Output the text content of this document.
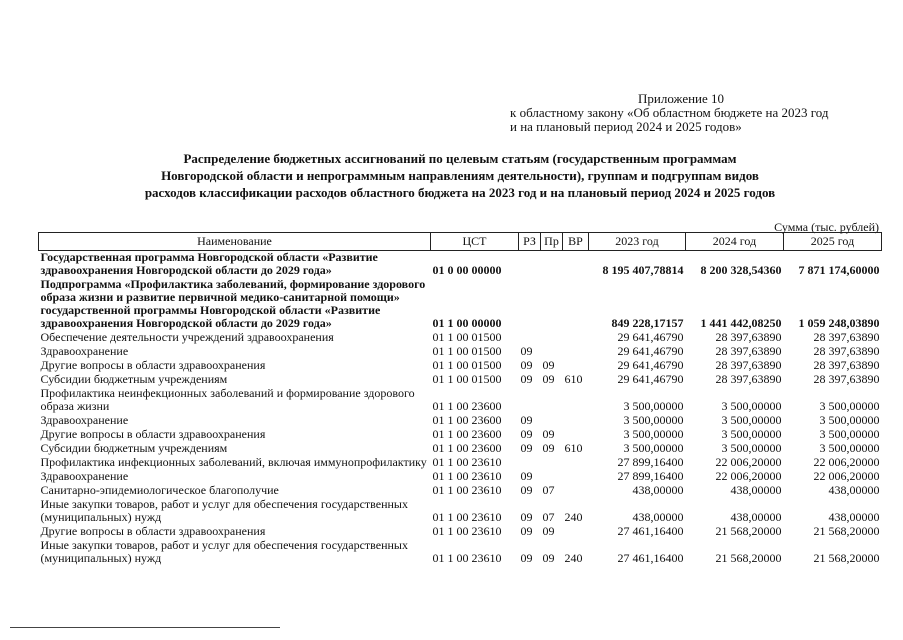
Приложение 10
к областному закону «Об областном бюджете на 2023 год
и на плановый период 2024 и 2025 годов»
Распределение бюджетных ассигнований по целевым статьям (государственным программам
Новгородской области и непрограммным направлениям деятельности), группам и подгруппам видов
расходов классификации расходов областного бюджета на 2023 год и на плановый период 2024 и 2025 годов
Сумма (тыс. рублей)
Наименование	ЦСТ	РЗ	Пр	ВР	2023 год	2024 год	2025 год
Государственная программа Новгородской области «Развитие здравоохранения Новгородской области до 2029 года»	01 0 00 00000				8 195 407,78814	8 200 328,54360	7 871 174,60000
Подпрограмма «Профилактика заболеваний, формирование здорового образа жизни и развитие первичной медико-санитарной помощи» государственной программы Новгородской области «Развитие здравоохранения Новгородской области до 2029 года»	01 1 00 00000				849 228,17157	1 441 442,08250	1 059 248,03890
Обеспечение деятельности учреждений здравоохранения	01 1 00 01500				29 641,46790	28 397,63890	28 397,63890
Здравоохранение	01 1 00 01500	09			29 641,46790	28 397,63890	28 397,63890
Другие вопросы в области здравоохранения	01 1 00 01500	09	09		29 641,46790	28 397,63890	28 397,63890
Субсидии бюджетным учреждениям	01 1 00 01500	09	09	610	29 641,46790	28 397,63890	28 397,63890
Профилактика неинфекционных заболеваний и формирование здорового образа жизни	01 1 00 23600				3 500,00000	3 500,00000	3 500,00000
Здравоохранение	01 1 00 23600	09			3 500,00000	3 500,00000	3 500,00000
Другие вопросы в области здравоохранения	01 1 00 23600	09	09		3 500,00000	3 500,00000	3 500,00000
Субсидии бюджетным учреждениям	01 1 00 23600	09	09	610	3 500,00000	3 500,00000	3 500,00000
Профилактика инфекционных заболеваний, включая иммунопрофилактику	01 1 00 23610				27 899,16400	22 006,20000	22 006,20000
Здравоохранение	01 1 00 23610	09			27 899,16400	22 006,20000	22 006,20000
Санитарно-эпидемиологическое благополучие	01 1 00 23610	09	07		438,00000	438,00000	438,00000
Иные закупки товаров, работ и услуг для обеспечения государственных (муниципальных) нужд	01 1 00 23610	09	07	240	438,00000	438,00000	438,00000
Другие вопросы в области здравоохранения	01 1 00 23610	09	09		27 461,16400	21 568,20000	21 568,20000
Иные закупки товаров, работ и услуг для обеспечения государственных (муниципальных) нужд	01 1 00 23610	09	09	240	27 461,16400	21 568,20000	21 568,20000
